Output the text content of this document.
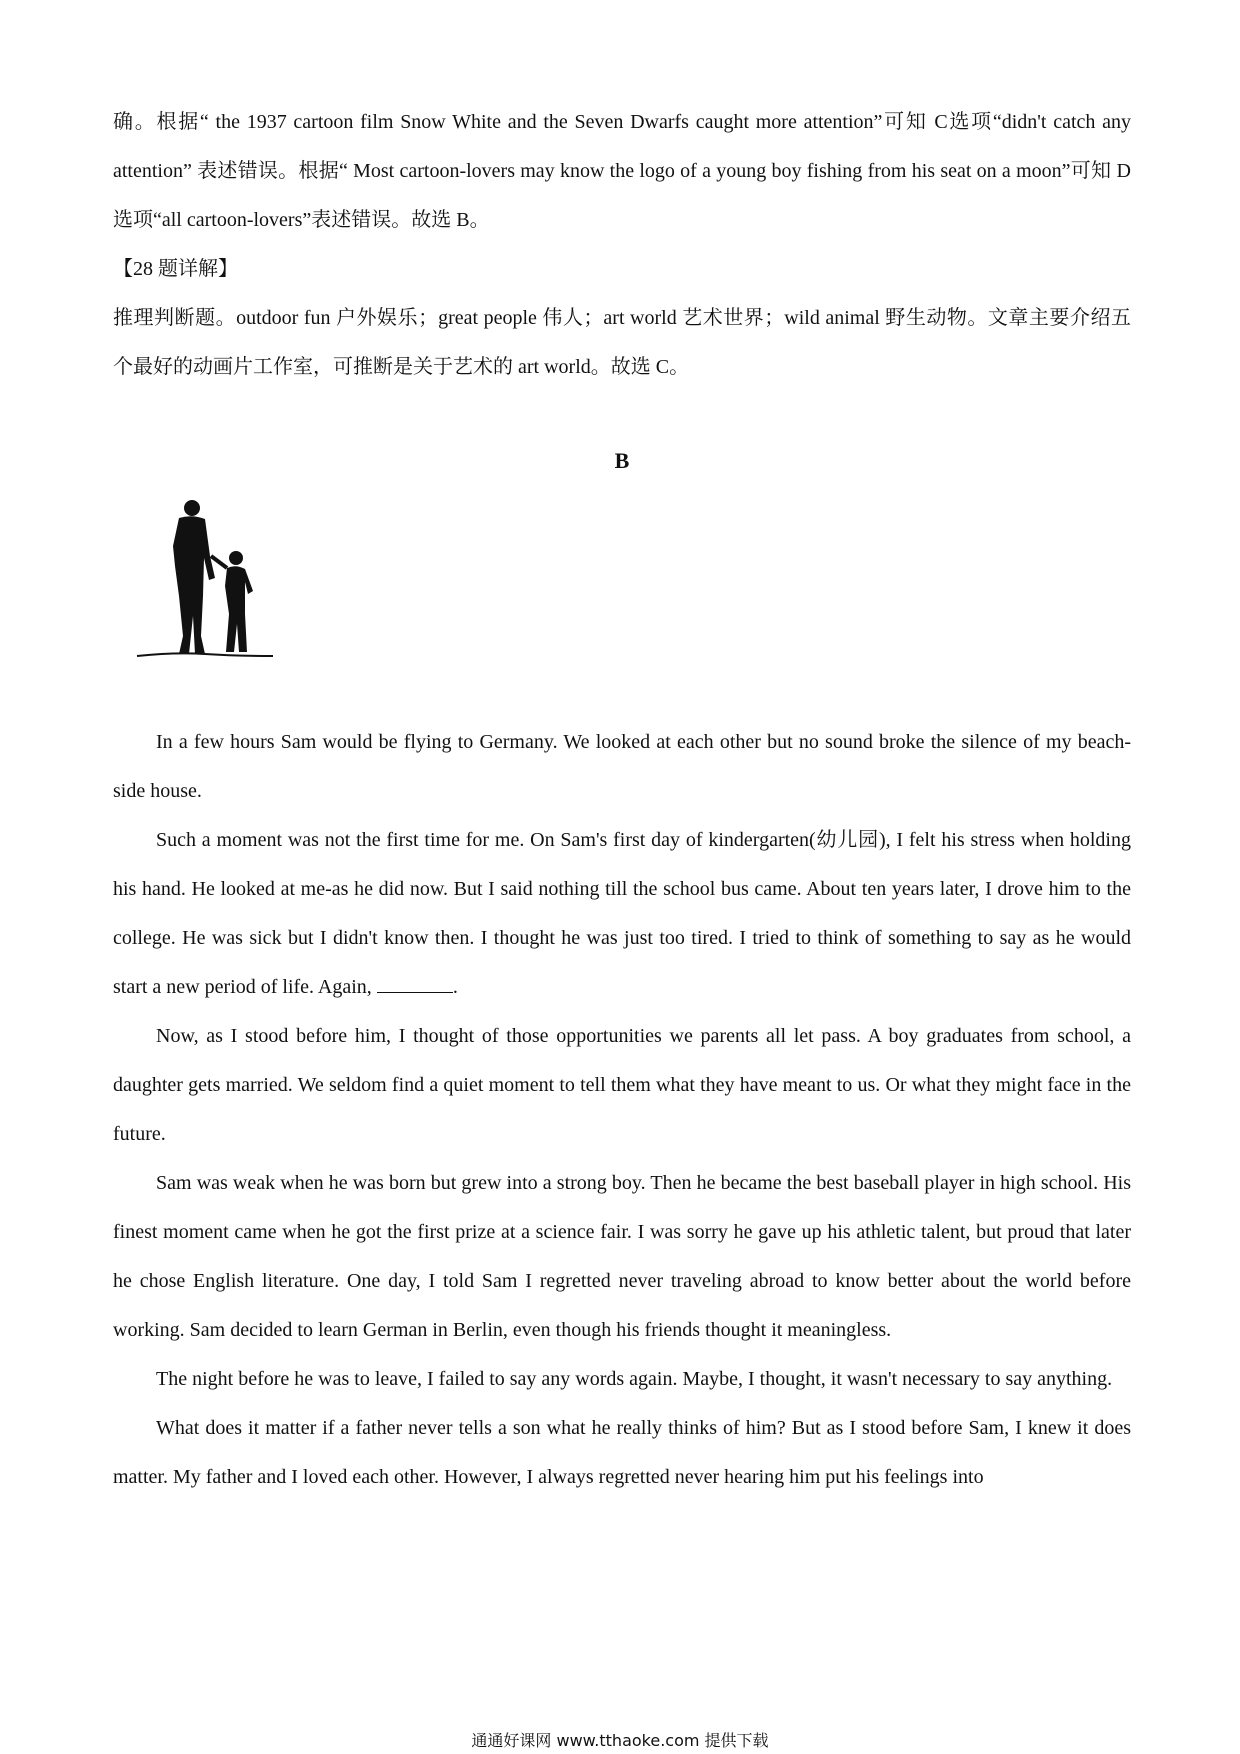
确。根据“ the 1937 cartoon film Snow White and the Seven Dwarfs caught more attention”可知 C选项“didn't catch any attention” 表述错误。根据“ Most cartoon-lovers may know the logo of a young boy fishing from his seat on a moon”可知 D选项“all cartoon-lovers”表述错误。故选 B。

【28 题详解】

推理判断题。outdoor fun 户外娱乐；great people 伟人；art world 艺术世界；wild animal 野生动物。文章主要介绍五个最好的动画片工作室，可推断是关于艺术的 art world。故选 C。

B

In a few hours Sam would be flying to Germany. We looked at each other but no sound broke the silence of my beach-side house.

Such a moment was not the first time for me. On Sam's first day of kindergarten(幼儿园), I felt his stress when holding his hand. He looked at me-as he did now. But I said nothing till the school bus came. About ten years later, I drove him to the college. He was sick but I didn't know then. I thought he was just too tired. I tried to think of something to say as he would start a new period of life. Again,	.

Now, as I stood before him, I thought of those opportunities we parents all let pass. A boy graduates from school, a daughter gets married. We seldom find a quiet moment to tell them what they have meant to us. Or what they might face in the future.

Sam was weak when he was born but grew into a strong boy. Then he became the best baseball player in high school. His finest moment came when he got the first prize at a science fair. I was sorry he gave up his athletic talent, but proud that later he chose English literature. One day, I told Sam I regretted never traveling abroad to know better about the world before working. Sam decided to learn German in Berlin, even though his friends thought it meaningless.

The night before he was to leave, I failed to say any words again. Maybe, I thought, it wasn't necessary to say anything.

What does it matter if a father never tells a son what he really thinks of him? But as I stood before Sam, I knew it does matter. My father and I loved each other. However, I always regretted never hearing him put his feelings into

通通好课网 www.tthaoke.com 提供下载
